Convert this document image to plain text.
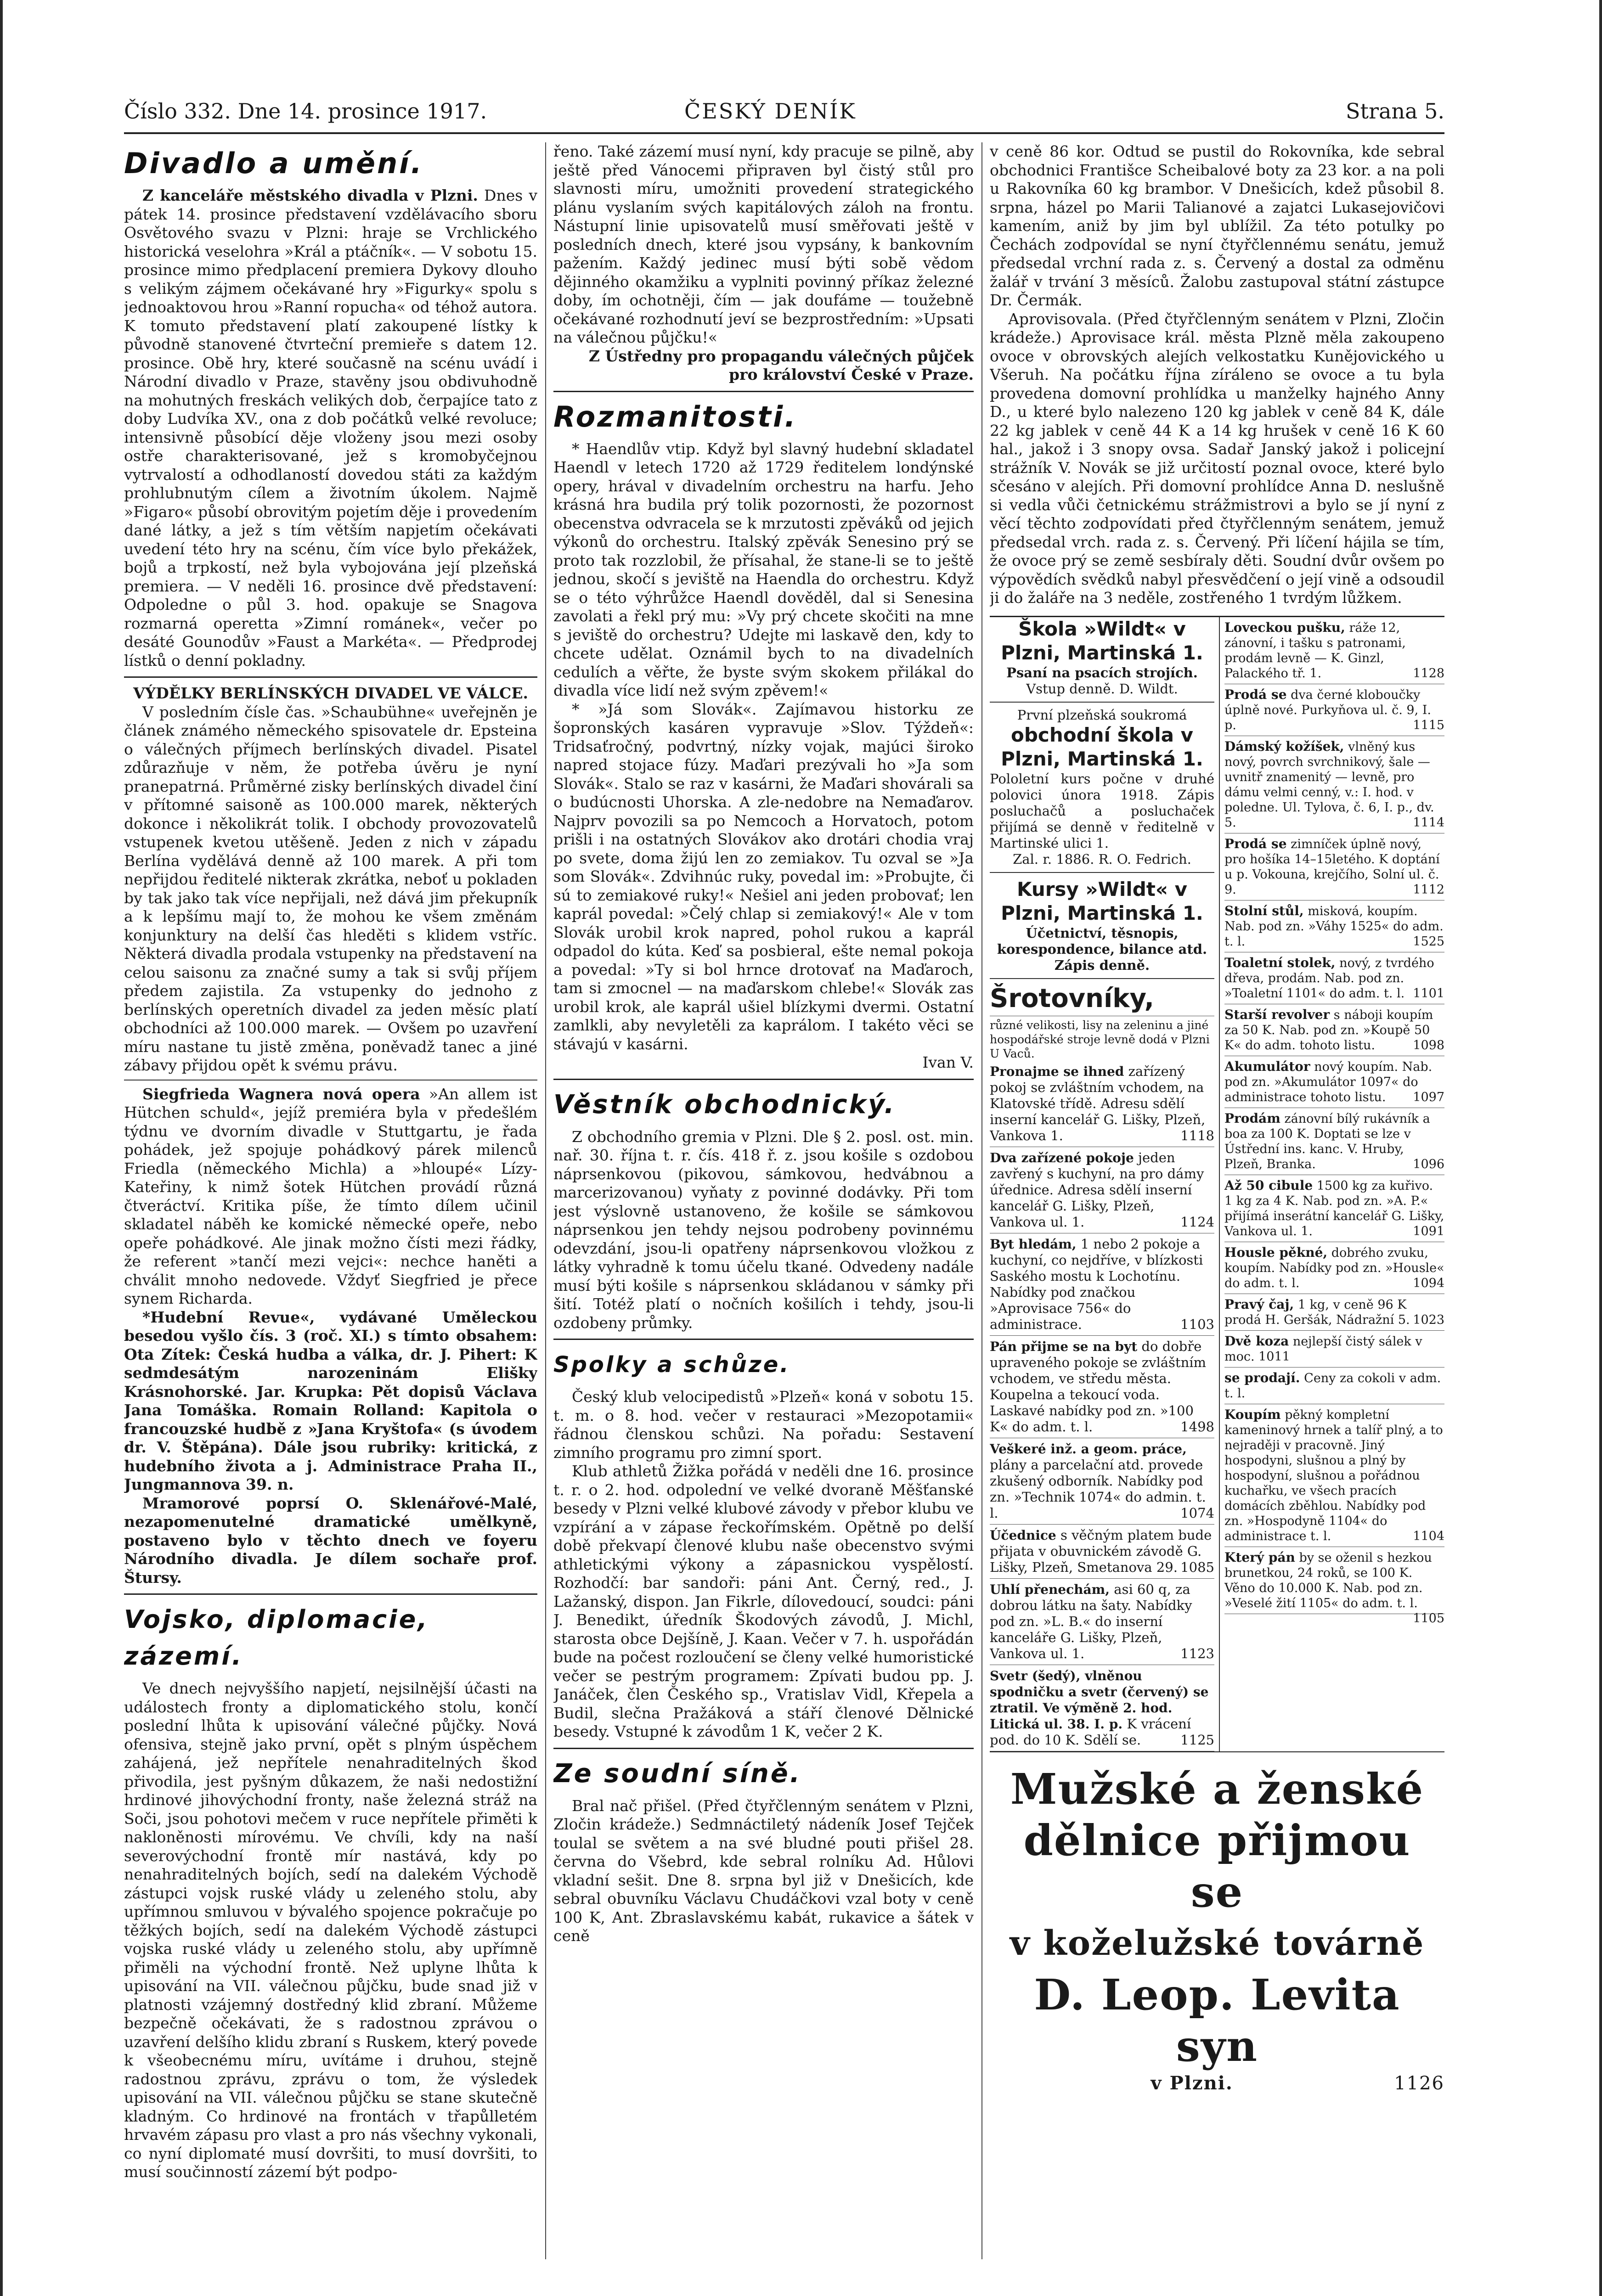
Číslo 332. Dne 14. prosince 1917.	ČESKÝ DENÍK	Strana 5.
Divadlo a umění.

Z kanceláře městského divadla v Plzni. Dnes v pátek 14. prosince představení vzdělávacího sboru Osvětového svazu v Plzni: hraje se Vrchlického historická veselohra »Král a ptáčník«. — V sobotu 15. prosince mimo předplacení premiera Dykovy dlouho s velikým zájmem očekávané hry »Figurky« spolu s jednoaktovou hrou »Ranní ropucha« od téhož autora. K tomuto představení platí zakoupené lístky k původně stanovené čtvrteční premieře s datem 12. prosince. Obě hry, které současně na scénu uvádí i Národní divadlo v Praze, stavěny jsou obdivuhodně na mohutných freskách velikých dob, čerpajíce tato z doby Ludvíka XV., ona z dob počátků velké revoluce; intensivně působící děje vloženy jsou mezi osoby ostře charakterisované, jež s kromobyčejnou vytrvalostí a odhodlaností dovedou státi za každým prohlubnutým cílem a životním úkolem. Najmě »Figaro« působí obrovitým pojetím děje i provedením dané látky, a jež s tím větším napjetím očekávati uvedení této hry na scénu, čím více bylo překážek, bojů a trpkostí, než byla vybojována její plzeňská premiera. — V neděli 16. prosince dvě představení: Odpoledne o půl 3. hod. opakuje se Snagova rozmarná operetta »Zimní románek«, večer po desáté Gounodův »Faust a Markéta«. — Předprodej lístků o denní pokladny.

VÝDĚLKY BERLÍNSKÝCH DIVADEL VE VÁLCE.

V posledním čísle čas. »Schaubühne« uveřejněn je článek známého německého spisovatele dr. Epsteina o válečných příjmech berlínských divadel. Pisatel zdůrazňuje v něm, že potřeba úvěru je nyní pranepatrná. Průměrné zisky berlínských divadel činí v přítomné saisoně as 100.000 marek, některých dokonce i několikrát tolik. I obchody provozovatelů vstupenek kvetou utěšeně. Jeden z nich v západu Berlína vydělává denně až 100 marek. A při tom nepřijdou ředitelé nikterak zkrátka, neboť u pokladen by tak jako tak více nepřijali, než dává jim překupník a k lepšímu mají to, že mohou ke všem změnám konjunktury na delší čas hleděti s klidem vstříc. Některá divadla prodala vstupenky na představení na celou saisonu za značné sumy a tak si svůj příjem předem zajistila. Za vstupenky do jednoho z berlínských operetních divadel za jeden měsíc platí obchodníci až 100.000 marek. — Ovšem po uzavření míru nastane tu jistě změna, poněvadž tanec a jiné zábavy přijdou opět k svému právu.

Siegfrieda Wagnera nová opera »An allem ist Hütchen schuld«, jejíž premiéra byla v předešlém týdnu ve dvorním divadle v Stuttgartu, je řada pohádek, jež spojuje pohádkový párek milenců Friedla (německého Michla) a »hloupé« Lízy-Kateřiny, k nimž šotek Hütchen provádí různá čtveráctví. Kritika píše, že tímto dílem učinil skladatel náběh ke komické německé opeře, nebo opeře pohádkové. Ale jinak možno čísti mezi řádky, že referent »tančí mezi vejci«: nechce haněti a chválit mnoho nedovede. Vždyť Siegfried je přece synem Richarda.

*Hudební Revue«, vydávané Uměleckou besedou vyšlo čís. 3 (roč. XI.) s tímto obsahem: Ota Zítek: Česká hudba a válka, dr. J. Pihert: K sedmdesátým narozeninám Elišky Krásnohorské. Jar. Krupka: Pět dopisů Václava Jana Tomáška. Romain Rolland: Kapitola o francouzské hudbě z »Jana Kryštofa« (s úvodem dr. V. Štěpána). Dále jsou rubriky: kritická, z hudebního života a j. Administrace Praha II., Jungmannova 39. n.

Mramorové poprsí O. Sklenářové-Malé, nezapomenutelné dramatické umělkyně, postaveno bylo v těchto dnech ve foyeru Národního divadla. Je dílem sochaře prof. Štursy.

Vojsko, diplomacie, zázemí.

Ve dnech nejvyššího napjetí, nejsilnější účasti na událostech fronty a diplomatického stolu, končí poslední lhůta k upisování válečné půjčky. Nová ofensiva, stejně jako první, opět s plným úspěchem zahájená, jež nepřítele nenahraditelných škod přivodila, jest pyšným důkazem, že naši nedostižní hrdinové jihovýchodní fronty, naše železná stráž na Soči, jsou pohotovi mečem v ruce nepřítele přiměti k nakloněnosti mírovému. Ve chvíli, kdy na naší severovýchodní frontě mír nastává, kdy po nenahraditelných bojích, sedí na dalekém Východě zástupci vojsk ruské vlády u zeleného stolu, aby upřímnou smluvou v bývalého spojence pokračuje po těžkých bojích, sedí na dalekém Východě zástupci vojska ruské vlády u zeleného stolu, aby upřímně přiměli na východní frontě. Než uplyne lhůta k upisování na VII. válečnou půjčku, bude snad již v platnosti vzájemný dostředný klid zbraní. Můžeme bezpečně očekávati, že s radostnou zprávou o uzavření delšího klidu zbraní s Ruskem, který povede k všeobecnému míru, uvítáme i druhou, stejně radostnou zprávu, zprávu o tom, že výsledek upisování na VII. válečnou půjčku se stane skutečně kladným. Co hrdinové na frontách v třapůlletém hrvavém zápasu pro vlast a pro nás všechny vykonali, co nyní diplomaté musí dovršiti, to musí dovršiti, to musí součinností zázemí být podpo-

řeno. Také zázemí musí nyní, kdy pracuje se pilně, aby ještě před Vánocemi připraven byl čistý stůl pro slavnosti míru, umožniti provedení strategického plánu vyslaním svých kapitálových záloh na frontu. Nástupní linie upisovatelů musí směřovati ještě v posledních dnech, které jsou vypsány, k bankovním pažením. Každý jedinec musí býti sobě vědom dějinného okamžiku a vyplniti povinný příkaz železné doby, ím ochotněji, čím — jak doufáme — toužebně očekávané rozhodnutí jeví se bezprostředním: »Upsati na válečnou půjčku!«

Z Ústředny pro propagandu válečných půjček pro království České v Praze.

Rozmanitosti.

* Haendlův vtip. Když byl slavný hudební skladatel Haendl v letech 1720 až 1729 ředitelem londýnské opery, hrával v divadelním orchestru na harfu. Jeho krásná hra budila prý tolik pozornosti, že pozornost obecenstva odvracela se k mrzutosti zpěváků od jejich výkonů do orchestru. Italský zpěvák Senesino prý se proto tak rozzlobil, že přísahal, že stane-li se to ještě jednou, skočí s jeviště na Haendla do orchestru. Když se o této výhrůžce Haendl dověděl, dal si Senesina zavolati a řekl prý mu: »Vy prý chcete skočiti na mne s jeviště do orchestru? Udejte mi laskavě den, kdy to chcete udělat. Oznámil bych to na divadelních cedulích a věřte, že byste svým skokem přilákal do divadla více lidí než svým zpěvem!«

* »Já som Slovák«. Zajímavou historku ze šopronských kasáren vypravuje »Slov. Týždeň«: Tridsaťročný, podvrtný, nízky vojak, majúci široko napred stojace fúzy. Maďari prezývali ho »Ja som Slovák«. Stalo se raz v kasárni, že Maďari shovárali sa o budúcnosti Uhorska. A zle-nedobre na Nemaďarov. Najprv povozili sa po Nemcoch a Horvatoch, potom prišli i na ostatných Slovákov ako drotári chodia vraj po svete, doma žijú len zo zemiakov. Tu ozval se »Ja som Slovák«. Zdvihnúc ruky, povedal im: »Probujte, či sú to zemiakové ruky!« Nešiel ani jeden probovať; len kaprál povedal: »Čelý chlap si zemiakový!« Ale v tom Slovák urobil krok napred, pohol rukou a kaprál odpadol do kúta. Keď sa posbieral, ešte nemal pokoja a povedal: »Ty si bol hrnce drotovať na Maďaroch, tam si zmocnel — na maďarskom chlebe!« Slovák zas urobil krok, ale kaprál ušiel blízkymi dvermi. Ostatní zamlkli, aby nevyletěli za kaprálom. I takéto věci se stávajú v kasárni.

Ivan V.

Věstník obchodnický.

Z obchodního gremia v Plzni. Dle § 2. posl. ost. min. nař. 30. října t. r. čís. 418 ř. z. jsou košile s ozdobou náprsenkovou (pikovou, sámkovou, hedvábnou a marcerizovanou) vyňaty z povinné dodávky. Při tom jest výslovně ustanoveno, že košile se sámkovou náprsenkou jen tehdy nejsou podrobeny povinnému odevzdání, jsou-li opatřeny náprsenkovou vložkou z látky vyhradně k tomu účelu tkané. Odvedeny nadále musí býti košile s náprsenkou skládanou v sámky při šití. Totéž platí o nočních košilích i tehdy, jsou-li ozdobeny průmky.

Spolky a schůze.

Český klub velocipedistů »Plzeň« koná v sobotu 15. t. m. o 8. hod. večer v restauraci »Mezopotamii« řádnou členskou schůzi. Na pořadu: Sestavení zimního programu pro zimní sport.

Klub athletů Žižka pořádá v neděli dne 16. prosince t. r. o 2. hod. odpolední ve velké dvoraně Měšťanské besedy v Plzni velké klubové závody v přebor klubu ve vzpírání a v zápase řeckořímském. Opětně po delší době překvapí členové klubu naše obecenstvo svými athletickými výkony a zápasnickou vyspělostí. Rozhodčí: bar sandoři: páni Ant. Černý, red., J. Lažanský, dispon. Jan Fikrle, dílovedoucí, soudci: páni J. Benedikt, úředník Škodových závodů, J. Michl, starosta obce Dejšíně, J. Kaan. Večer v 7. h. uspořádán bude na počest rozloučení se členy velké humoristické večer se pestrým programem: Zpívati budou pp. J. Janáček, člen Českého sp., Vratislav Vidl, Křepela a Budil, slečna Pražáková a stáří členové Dělnické besedy. Vstupné k závodům 1 K, večer 2 K.

Ze soudní síně.

Bral nač přišel. (Před čtyřčlenným senátem v Plzni, Zločin krádeže.) Sedmnáctiletý nádeník Josef Tejček toulal se světem a na své bludné pouti přišel 28. června do Všebrd, kde sebral rolníku Ad. Hůlovi vkladní sešit. Dne 8. srpna byl již v Dnešicích, kde sebral obuvníku Václavu Chudáčkovi vzal boty v ceně 100 K, Ant. Zbraslavskému kabát, rukavice a šátek v ceně

v ceně 86 kor. Odtud se pustil do Rokovníka, kde sebral obchodnici Františce Scheibalové boty za 23 kor. a na poli u Rakovníka 60 kg brambor. V Dnešicích, kdež působil 8. srpna, házel po Marii Talianové a zajatci Lukasejovičovi kamením, aniž by jim byl ublížil. Za této potulky po Čechách zodpovídal se nyní čtyřčlennému senátu, jemuž předsedal vrchní rada z. s. Červený a dostal za odměnu žalář v trvání 3 měsíců. Žalobu zastupoval státní zástupce Dr. Čermák.

Aprovisovala. (Před čtyřčlenným senátem v Plzni, Zločin krádeže.) Aprovisace král. města Plzně měla zakoupeno ovoce v obrovských alejích velkostatku Kunějovického u Všeruh. Na počátku října zíráleno se ovoce a tu byla provedena domovní prohlídka u manželky hajného Anny D., u které bylo nalezeno 120 kg jablek v ceně 84 K, dále 22 kg jablek v ceně 44 K a 14 kg hrušek v ceně 16 K 60 hal., jakož i 3 snopy ovsa. Sadař Janský jakož i policejní strážník V. Novák se již určitostí poznal ovoce, které bylo sčesáno v alejích. Při domovní prohlídce Anna D. neslušně si vedla vůči četnickému strážmistrovi a bylo se jí nyní z věcí těchto zodpovídati před čtyřčlenným senátem, jemuž předsedal vrch. rada z. s. Červený. Při líčení hájila se tím, že ovoce prý se země sesbíraly děti. Soudní dvůr ovšem po výpovědích svědků nabyl přesvědčení o její vině a odsoudil ji do žaláře na 3 neděle, zostřeného 1 tvrdým lůžkem.

Škola »Wildt« v Plzni, Martinská 1.
Psaní na psacích strojích.
Vstup denně. D. Wildt.
První plzeňská soukromá
obchodní škola v Plzni, Martinská 1.
Pololetní kurs počne v druhé polovici února 1918. Zápis posluchačů a posluchaček přijímá se denně v ředitelně v Martinské ulici 1.
Zal. r. 1886. R. O. Fedrich.
Kursy »Wildt« v Plzni, Martinská 1.
Účetnictví, těsnopis, korespondence, bilance atd.
Zápis denně.
Šrotovníky,
různé velikosti, lisy na zeleninu a jiné hospodářské stroje levně dodá v Plzni U Vaců.
Pronajme se ihned zařízený pokoj se zvláštním vchodem, na Klatovské třídě. Adresu sdělí inserní kancelář G. Lišky, Plzeň, Vankova 1.	1118
Dva zařízené pokoje jeden zavřený s kuchyní, na pro dámy úřednice. Adresa sdělí inserní kancelář G. Lišky, Plzeň, Vankova ul. 1.	1124
Byt hledám, 1 nebo 2 pokoje a kuchyní, co nejdříve, v blízkosti Saského mostu k Lochotínu. Nabídky pod značkou »Aprovisace 756« do administrace.	1103
Pán přijme se na byt do dobře upraveného pokoje se zvláštním vchodem, ve středu města. Koupelna a tekoucí voda. Laskavé nabídky pod zn. »100 K« do adm. t. l.	1498
Veškeré inž. a geom. práce, plány a parcelační atd. provede zkušený odborník. Nabídky pod zn. »Technik 1074« do admin. t. l.	1074
Účednice s věčným platem bude přijata v obuvnickém závodě G. Lišky, Plzeň, Smetanova 29. 1085
Uhlí přenechám, asi 60 q, za dobrou látku na šaty. Nabídky pod zn. »L. B.« do inserní kanceláře G. Lišky, Plzeň, Vankova ul. 1.	1123
Svetr (šedý), vlněnou spodničku a svetr (červený) se ztratil. Ve výměně 2. hod. Litická ul. 38. I. p. K vrácení pod. do 10 K. Sdělí se.	1125
Loveckou pušku, ráže 12, zánovní, i tašku s patronami, prodám levně — K. Ginzl, Palackého tř. 1.	1128
Prodá se dva černé kloboučky úplně nové. Purkyňova ul. č. 9, I. p.	1115
Dámský kožíšek, vlněný kus nový, povrch svrchnikový, šale — uvnitř znamenitý — levně, pro dámu velmi cenný, v.: I. hod. v poledne. Ul. Tylova, č. 6, I. p., dv. 5.	1114
Prodá se zimníček úplně nový, pro hošíka 14–15letého. K doptání u p. Vokouna, krejčího, Solní ul. č. 9.	1112
Stolní stůl, misková, koupím. Nab. pod zn. »Váhy 1525« do adm. t. l.	1525
Toaletní stolek, nový, z tvrdého dřeva, prodám. Nab. pod zn. »Toaletní 1101« do adm. t. l. 1101
Starší revolver s náboji koupím za 50 K. Nab. pod zn. »Koupě 50 K« do adm. tohoto listu.	1098
Akumulátor nový koupím. Nab. pod zn. »Akumulátor 1097« do administrace tohoto listu. 1097
Prodám zánovní bílý rukávník a boa za 100 K. Doptati se lze v Ústřední ins. kanc. V. Hruby, Plzeň, Branka.	1096
Až 50 cibule 1500 kg za kuřivo. 1 kg za 4 K. Nab. pod zn. »A. P.« přijímá inserátní kancelář G. Lišky, Vankova ul. 1.	1091
Housle pěkné, dobrého zvuku, koupím. Nabídky pod zn. »Housle« do adm. t. l.	1094
Pravý čaj, 1 kg, v ceně 96 K prodá H. Geršák, Nádražní 5. 1023
Dvě koza nejlepší čistý sálek v moc. 1011
se prodají. Ceny za cokoli v adm. t. l.
Koupím pěkný kompletní kameninový hrnek a talíř plný, a to nejraději v pracovně. Jiný hospodyni, slušnou a plný by hospodyní, slušnou a pořádnou kuchařku, ve všech pracích domácích zběhlou. Nabídky pod zn. »Hospodyně 1104« do administrace t. l.	1104
Který pán by se oženil s hezkou brunetkou, 24 roků, se 100 K. Věno do 10.000 K. Nab. pod zn. »Veselé žití 1105« do adm. t. l.
1105
Mužské a ženské
dělnice přijmou se
v koželužské továrně
D. Leop. Levita syn
v Plzni.	1126
